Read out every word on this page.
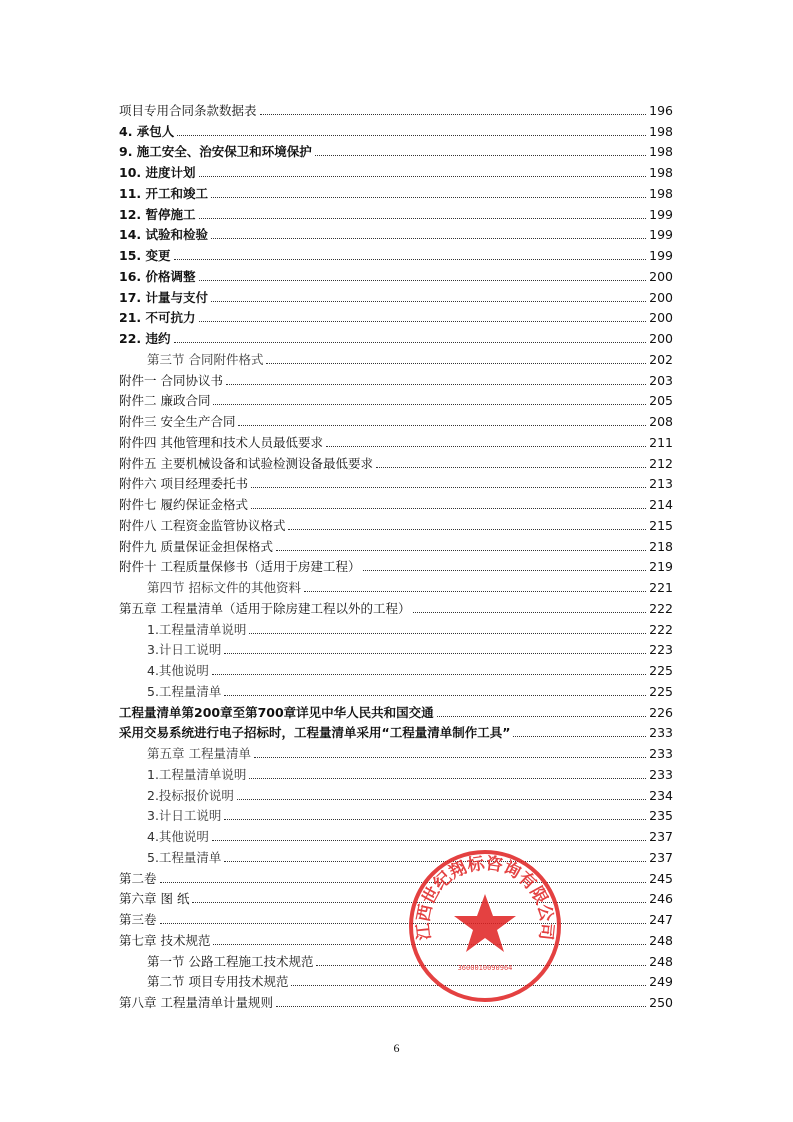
项目专用合同条款数据表	196
4. 承包人	198
9. 施工安全、治安保卫和环境保护	198
10. 进度计划	198
11. 开工和竣工	198
12. 暂停施工	199
14. 试验和检验	199
15. 变更	199
16. 价格调整	200
17. 计量与支付	200
21. 不可抗力	200
22. 违约	200
第三节 合同附件格式	202
附件一 合同协议书	203
附件二 廉政合同	205
附件三 安全生产合同	208
附件四 其他管理和技术人员最低要求	211
附件五 主要机械设备和试验检测设备最低要求	212
附件六 项目经理委托书	213
附件七 履约保证金格式	214
附件八 工程资金监管协议格式	215
附件九 质量保证金担保格式	218
附件十 工程质量保修书（适用于房建工程）	219
第四节 招标文件的其他资料	221
第五章 工程量清单（适用于除房建工程以外的工程）	222
1.工程量清单说明	222
3.计日工说明	223
4.其他说明	225
5.工程量清单	225
工程量清单第200章至第700章详见中华人民共和国交通	226
采用交易系统进行电子招标时，工程量清单采用“工程量清单制作工具”	233
第五章 工程量清单	233
1.工程量清单说明	233
2.投标报价说明	234
3.计日工说明	235
4.其他说明	237
5.工程量清单	237
第二卷	245
第六章 图 纸	246
第三卷	247
第七章 技术规范	248
第一节 公路工程施工技术规范	248
第二节 项目专用技术规范	249
第八章 工程量清单计量规则	250
江西世纪翔标咨询有限公司
3600010090964
6
